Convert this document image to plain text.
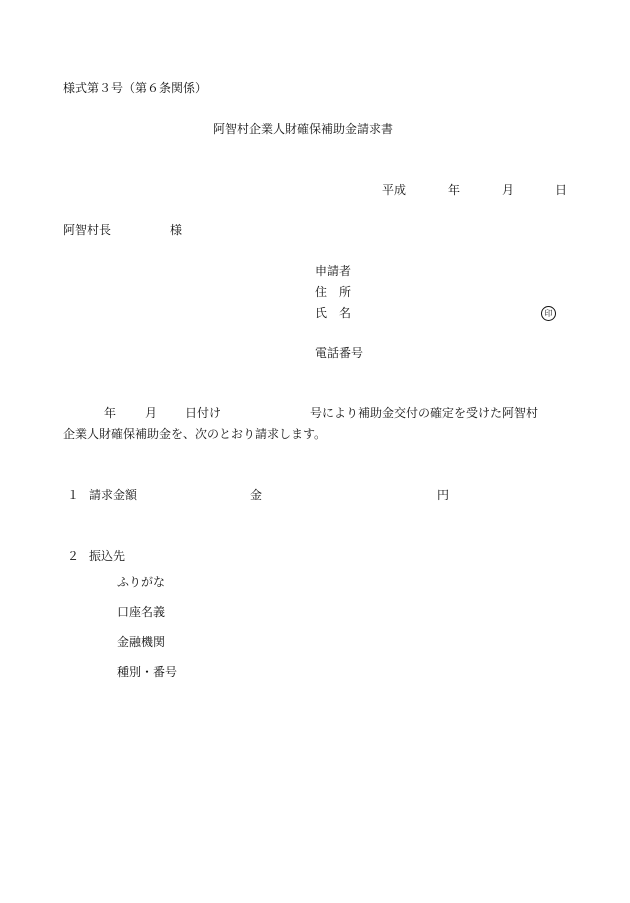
様式第３号（第６条関係）
阿智村企業人財確保補助金請求書
平成	年	月	日
阿智村長	様
申請者
住　所
氏　名	印
電話番号
年 月 日付け	号により補助金交付の確定を受けた阿智村
企業人財確保補助金を、次のとおり請求します。
１ 請求金額	金	円
２ 振込先
ふりがな
口座名義
金融機関
種別・番号
